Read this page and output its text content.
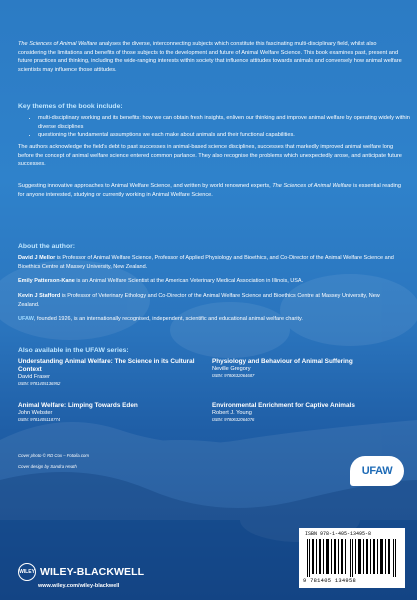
The Sciences of Animal Welfare analyses the diverse, interconnecting subjects which constitute this fascinating multi-disciplinary field, whilst also considering the limitations and benefits of those subjects to the development and future of Animal Welfare Science. This book examines past, present and future practices and thinking, including the wide-ranging interests within society that influence attitudes towards animals and conversely how animal welfare scientists may influence those attitudes.

Key themes of the book include:
• multi-disciplinary working and its benefits: how we can obtain fresh insights, enliven our thinking and improve animal welfare by operating widely within diverse disciplines
• questioning the fundamental assumptions we each make about animals and their functional capabilities.

The authors acknowledge the field's debt to past successes in animal-based science disciplines, successes that markedly improved animal welfare long before the concept of animal welfare science entered common parlance. They also recognise the problems which unexpectedly arose, and anticipate future successes.

Suggesting innovative approaches to Animal Welfare Science, and written by world renowned experts, The Sciences of Animal Welfare is essential reading for anyone interested, studying or currently working in Animal Welfare Science.

About the author:

David J Mellor is Professor of Animal Welfare Science, Professor of Applied Physiology and Bioethics, and Co-Director of the Animal Welfare Science and Bioethics Centre at Massey University, New Zealand.

Emily Patterson-Kane is an Animal Welfare Scientist at the American Veterinary Medical Association in Illinois, USA.

Kevin J Stafford is Professor of Veterinary Ethology and Co-Director of the Animal Welfare Science and Bioethics Centre at Massey University, New Zealand.

UFAW, founded 1926, is an internationally recognised, independent, scientific and educational animal welfare charity.

Also available in the UFAW series:
Understanding Animal Welfare: The Science in its Cultural Context
David Fraser
ISBN: 9781405136952
Physiology and Behaviour of Animal Suffering
Neville Gregory
ISBN: 9780632064687
Animal Welfare: Limping Towards Eden
John Webster
ISBN: 9781405118774
Environmental Enrichment for Captive Animals
Robert J. Young
ISBN: 9780632064076
Cover photo © RD Cox – Fotolia.com
Cover design by Sandra Heath	UFAW
ISBN 978-1-405-13495-8
9 781405 134958
WILEY WILEY-BLACKWELL
www.wiley.com/wiley-blackwell
